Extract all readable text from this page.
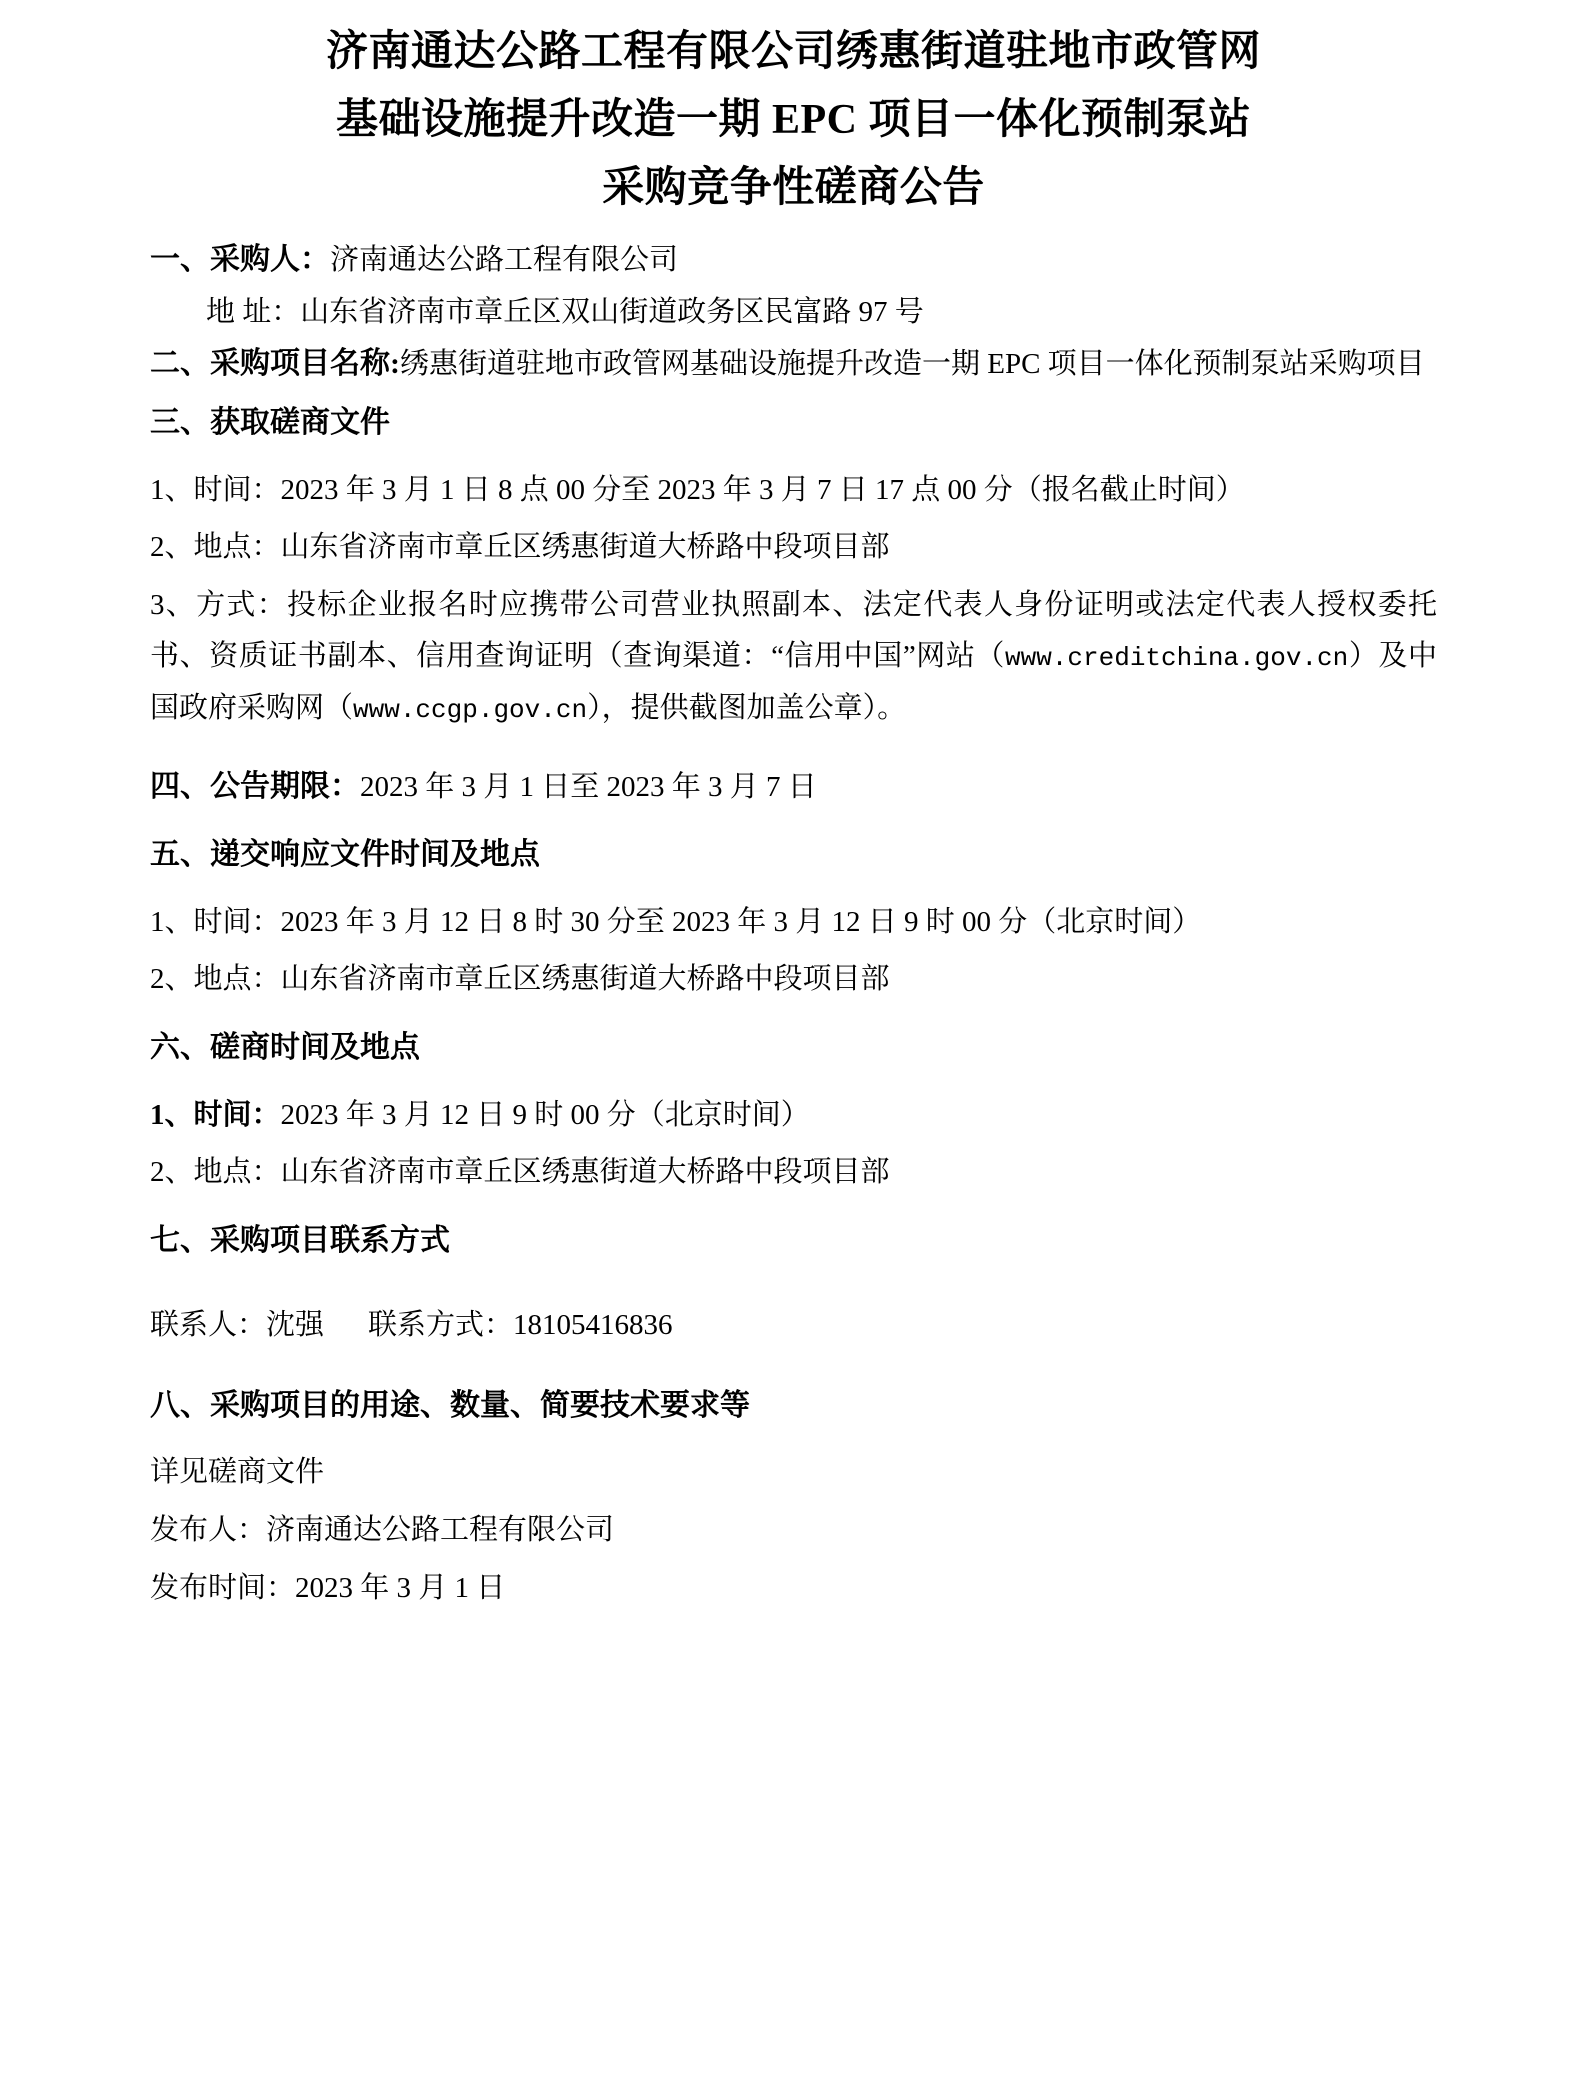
济南通达公路工程有限公司绣惠街道驻地市政管网
基础设施提升改造一期 EPC 项目一体化预制泵站
采购竞争性磋商公告

一、采购人：济南通达公路工程有限公司

地 址：山东省济南市章丘区双山街道政务区民富路 97 号

二、采购项目名称:绣惠街道驻地市政管网基础设施提升改造一期 EPC 项目一体化预制泵站采购项目

三、获取磋商文件

1、时间：2023 年 3 月 1 日 8 点 00 分至 2023 年 3 月 7 日 17 点 00 分（报名截止时间）

2、地点：山东省济南市章丘区绣惠街道大桥路中段项目部

3、方式：投标企业报名时应携带公司营业执照副本、法定代表人身份证明或法定代表人授权委托书、资质证书副本、信用查询证明（查询渠道：“信用中国”网站（www.creditchina.gov.cn）及中国政府采购网（www.ccgp.gov.cn），提供截图加盖公章）。

四、公告期限：2023 年 3 月 1 日至 2023 年 3 月 7 日

五、递交响应文件时间及地点

1、时间：2023 年 3 月 12 日 8 时 30 分至 2023 年 3 月 12 日 9 时 00 分（北京时间）

2、地点：山东省济南市章丘区绣惠街道大桥路中段项目部

六、磋商时间及地点

1、时间：2023 年 3 月 12 日 9 时 00 分（北京时间）

2、地点：山东省济南市章丘区绣惠街道大桥路中段项目部

七、采购项目联系方式

联系人：沈强 联系方式：18105416836

八、采购项目的用途、数量、简要技术要求等

详见磋商文件

发布人：济南通达公路工程有限公司

发布时间：2023 年 3 月 1 日
